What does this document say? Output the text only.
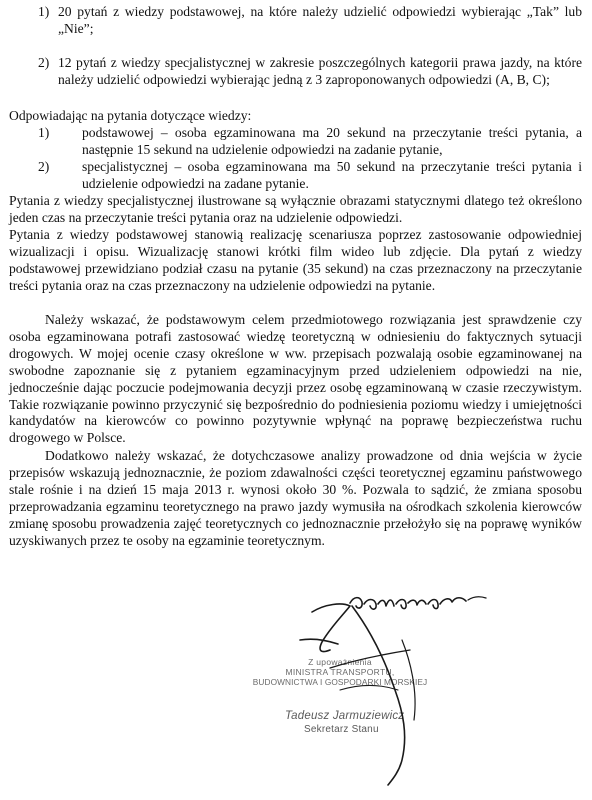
1) 20 pytań z wiedzy podstawowej, na które należy udzielić odpowiedzi wybierając „Tak” lub „Nie”;
2) 12 pytań z wiedzy specjalistycznej w zakresie poszczególnych kategorii prawa jazdy, na które należy udzielić odpowiedzi wybierając jedną z 3 zaproponowanych odpowiedzi (A, B, C);
Odpowiadając na pytania dotyczące wiedzy:
1) podstawowej – osoba egzaminowana ma 20 sekund na przeczytanie treści pytania, a następnie 15 sekund na udzielenie odpowiedzi na zadanie pytanie,
2) specjalistycznej – osoba egzaminowana ma 50 sekund na przeczytanie treści pytania i udzielenie odpowiedzi na zadane pytanie.
Pytania z wiedzy specjalistycznej ilustrowane są wyłącznie obrazami statycznymi dlatego też określono jeden czas na przeczytanie treści pytania oraz na udzielenie odpowiedzi.
Pytania z wiedzy podstawowej stanowią realizację scenariusza poprzez zastosowanie odpowiedniej wizualizacji i opisu. Wizualizację stanowi krótki film wideo lub zdjęcie. Dla pytań z wiedzy podstawowej przewidziano podział czasu na pytanie (35 sekund) na czas przeznaczony na przeczytanie treści pytania oraz na czas przeznaczony na udzielenie odpowiedzi na pytanie.
Należy wskazać, że podstawowym celem przedmiotowego rozwiązania jest sprawdzenie czy osoba egzaminowana potrafi zastosować wiedzę teoretyczną w odniesieniu do faktycznych sytuacji drogowych. W mojej ocenie czasy określone w ww. przepisach pozwalają osobie egzaminowanej na swobodne zapoznanie się z pytaniem egzaminacyjnym przed udzieleniem odpowiedzi na nie, jednocześnie dając poczucie podejmowania decyzji przez osobę egzaminowaną w czasie rzeczywistym. Takie rozwiązanie powinno przyczynić się bezpośrednio do podniesienia poziomu wiedzy i umiejętności kandydatów na kierowców co powinno pozytywnie wpłynąć na poprawę bezpieczeństwa ruchu drogowego w Polsce.
Dodatkowo należy wskazać, że dotychczasowe analizy prowadzone od dnia wejścia w życie przepisów wskazują jednoznacznie, że poziom zdawalności części teoretycznej egzaminu państwowego stale rośnie i na dzień 15 maja 2013 r. wynosi około 30 %. Pozwala to sądzić, że zmiana sposobu przeprowadzania egzaminu teoretycznego na prawo jazdy wymusiła na ośrodkach szkolenia kierowców zmianę sposobu prowadzenia zajęć teoretycznych co jednoznacznie przełożyło się na poprawę wyników uzyskiwanych przez te osoby na egzaminie teoretycznym.
Z upoważnienia
MINISTRA TRANSPORTU,
BUDOWNICTWA I GOSPODARKI MORSKIEJ
Tadeusz Jarmuziewicz
Sekretarz Stanu
